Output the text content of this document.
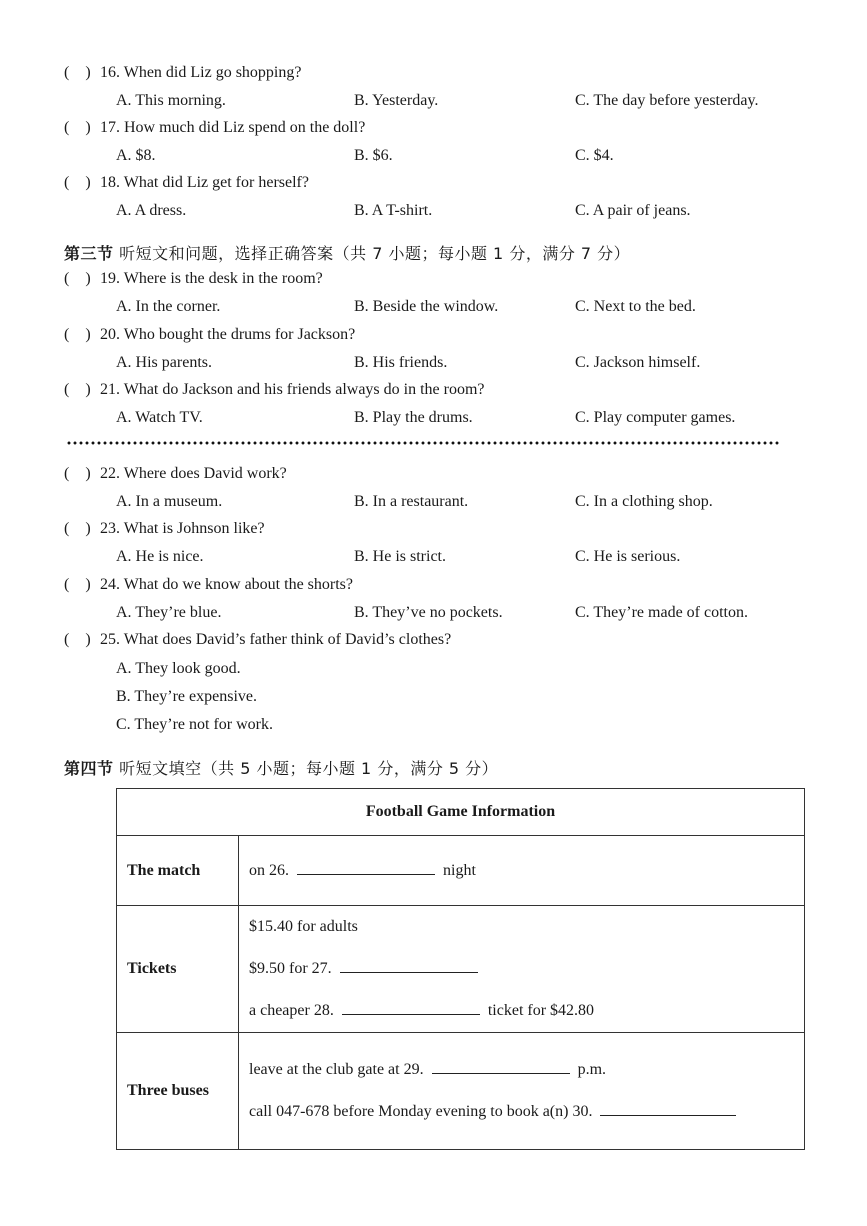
( ) 16. When did Liz go shopping?
A. This morning.	B. Yesterday.	C. The day before yesterday.
( ) 17. How much did Liz spend on the doll?
A. $8.	B. $6.	C. $4.
( ) 18. What did Liz get for herself?
A. A dress.	B. A T-shirt.	C. A pair of jeans.
第三节 听短文和问题，选择正确答案（共 7 小题；每小题 1 分，满分 7 分）
( ) 19. Where is the desk in the room?
A. In the corner.	B. Beside the window.	C. Next to the bed.
( ) 20. Who bought the drums for Jackson?
A. His parents.	B. His friends.	C. Jackson himself.
( ) 21. What do Jackson and his friends always do in the room?
A. Watch TV.	B. Play the drums.	C. Play computer games.
( ) 22. Where does David work?
A. In a museum.	B. In a restaurant.	C. In a clothing shop.
( ) 23. What is Johnson like?
A. He is nice.	B. He is strict.	C. He is serious.
( ) 24. What do we know about the shorts?
A. They’re blue.	B. They’ve no pockets.	C. They’re made of cotton.
( ) 25. What does David’s father think of David’s clothes?
A. They look good.
B. They’re expensive.
C. They’re not for work.
第四节 听短文填空（共 5 小题；每小题 1 分，满分 5 分）
Football Game Information	
The match	on 26. night

Tickets	$15.40 for adults
$9.50 for 27.
a cheaper 28. ticket for $42.80

Three buses	leave at the club gate at 29. p.m.
call 047-678 before Monday evening to book a(n) 30.
